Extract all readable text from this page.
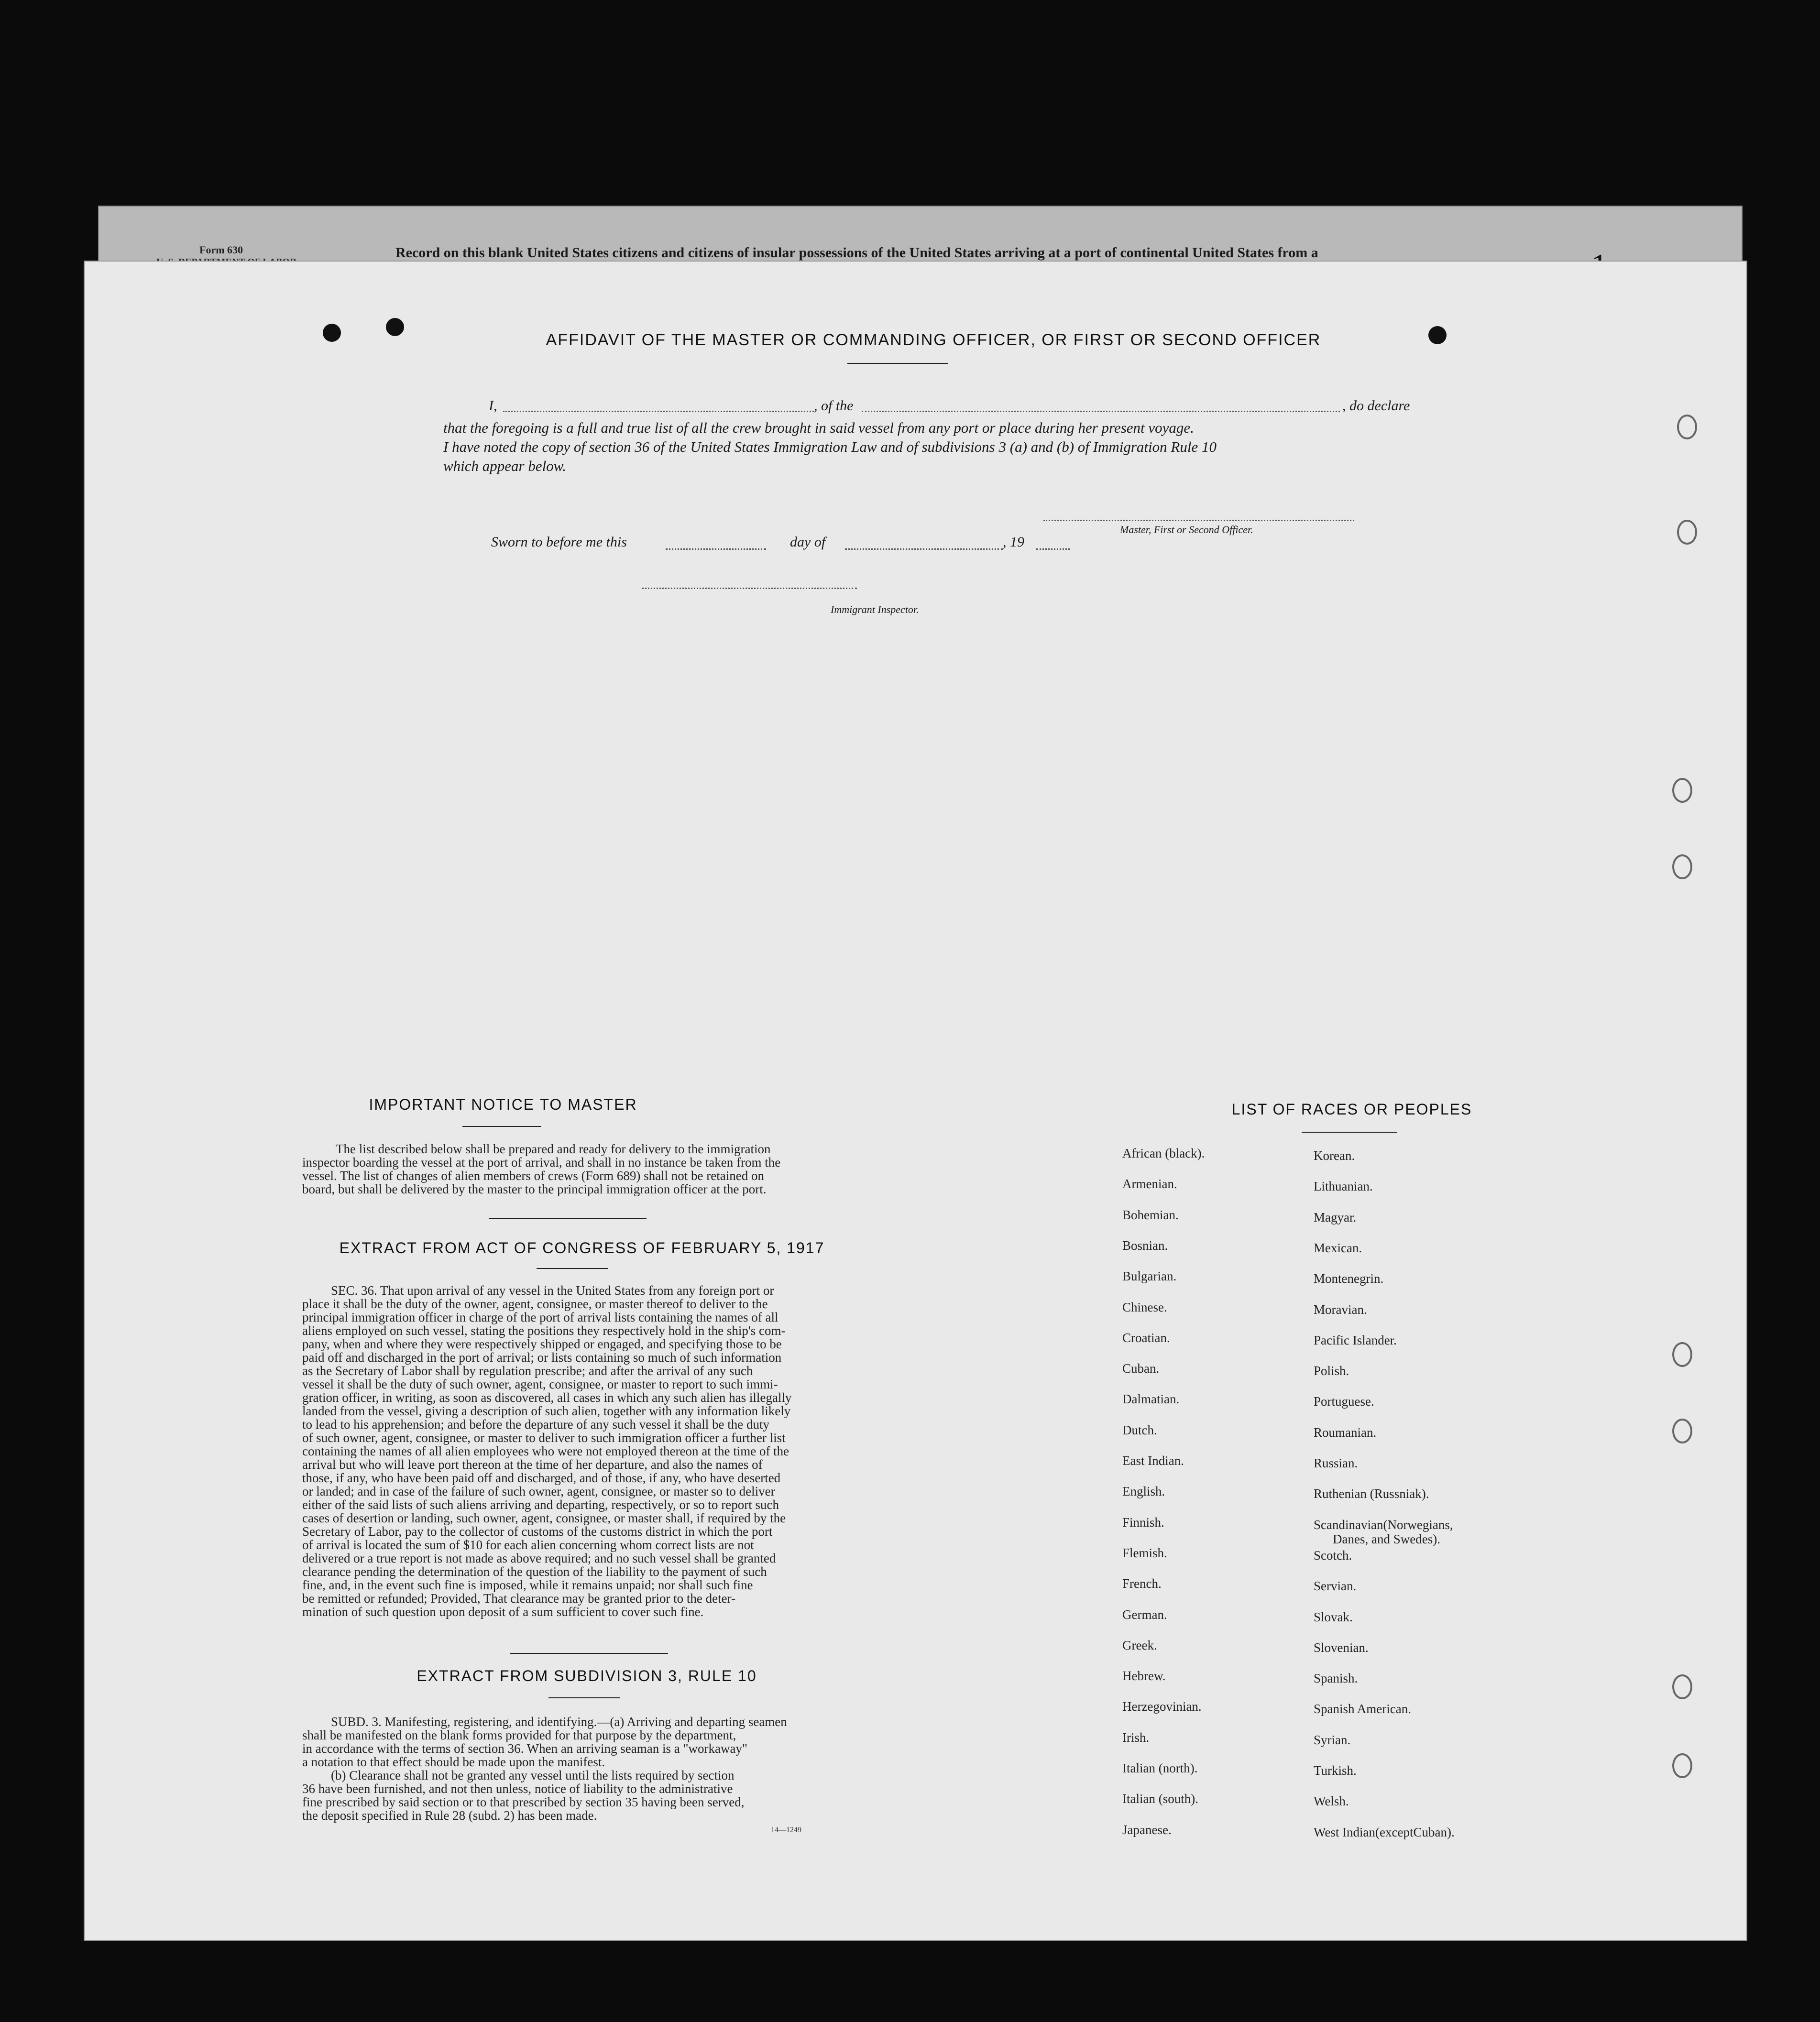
Form 630	Record on this blank United States citizens and citizens of insular possessions of the United States arriving at a port of continental United States from a
AFFIDAVIT OF THE MASTER OR COMMANDING OFFICER, OR FIRST OR SECOND OFFICER
I,	, of the	, do declare
that the foregoing is a full and true list of all the crew brought in said vessel from any port or place during her present voyage.
I have noted the copy of section 36 of the United States Immigration Law and of subdivisions 3 (a) and (b) of Immigration Rule 10
which appear below.
Master, First or Second Officer.
Sworn to before me this	day of	, 19
Immigrant Inspector.
IMPORTANT NOTICE TO MASTER
The list described below shall be prepared and ready for delivery to the immigration
inspector boarding the vessel at the port of arrival, and shall in no instance be taken from the
vessel. The list of changes of alien members of crews (Form 689) shall not be retained on
board, but shall be delivered by the master to the principal immigration officer at the port.
EXTRACT FROM ACT OF CONGRESS OF FEBRUARY 5, 1917
SEC. 36. That upon arrival of any vessel in the United States from any foreign port or
place it shall be the duty of the owner, agent, consignee, or master thereof to deliver to the
principal immigration officer in charge of the port of arrival lists containing the names of all
aliens employed on such vessel, stating the positions they respectively hold in the ship's com-
pany, when and where they were respectively shipped or engaged, and specifying those to be
paid off and discharged in the port of arrival; or lists containing so much of such information
as the Secretary of Labor shall by regulation prescribe; and after the arrival of any such
vessel it shall be the duty of such owner, agent, consignee, or master to report to such immi-
gration officer, in writing, as soon as discovered, all cases in which any such alien has illegally
landed from the vessel, giving a description of such alien, together with any information likely
to lead to his apprehension; and before the departure of any such vessel it shall be the duty
of such owner, agent, consignee, or master to deliver to such immigration officer a further list
containing the names of all alien employees who were not employed thereon at the time of the
arrival but who will leave port thereon at the time of her departure, and also the names of
those, if any, who have been paid off and discharged, and of those, if any, who have deserted
or landed; and in case of the failure of such owner, agent, consignee, or master so to deliver
either of the said lists of such aliens arriving and departing, respectively, or so to report such
cases of desertion or landing, such owner, agent, consignee, or master shall, if required by the
Secretary of Labor, pay to the collector of customs of the customs district in which the port
of arrival is located the sum of $10 for each alien concerning whom correct lists are not
delivered or a true report is not made as above required; and no such vessel shall be granted
clearance pending the determination of the question of the liability to the payment of such
fine, and, in the event such fine is imposed, while it remains unpaid; nor shall such fine
be remitted or refunded; Provided, That clearance may be granted prior to the deter-
mination of such question upon deposit of a sum sufficient to cover such fine.
EXTRACT FROM SUBDIVISION 3, RULE 10
SUBD. 3. Manifesting, registering, and identifying.—(a) Arriving and departing seamen
shall be manifested on the blank forms provided for that purpose by the department,
in accordance with the terms of section 36. When an arriving seaman is a "workaway"
a notation to that effect should be made upon the manifest.
(b) Clearance shall not be granted any vessel until the lists required by section
36 have been furnished, and not then unless, notice of liability to the administrative
fine prescribed by said section or to that prescribed by section 35 having been served,
the deposit specified in Rule 28 (subd. 2) has been made.
14—1249
LIST OF RACES OR PEOPLES
African (black).
Armenian.
Bohemian.
Bosnian.
Bulgarian.
Chinese.
Croatian.
Cuban.
Dalmatian.
Dutch.
East Indian.
English.
Finnish.
Flemish.
French.
German.
Greek.
Hebrew.
Herzegovinian.
Irish.
Italian (north).
Italian (south).
Japanese.
Korean.
Lithuanian.
Magyar.
Mexican.
Montenegrin.
Moravian.
Pacific Islander.
Polish.
Portuguese.
Roumanian.
Russian.
Ruthenian (Russniak).
Scandinavian(Norwegians,
Danes, and Swedes).
Scotch.
Servian.
Slovak.
Slovenian.
Spanish.
Spanish American.
Syrian.
Turkish.
Welsh.
West Indian(exceptCuban).
